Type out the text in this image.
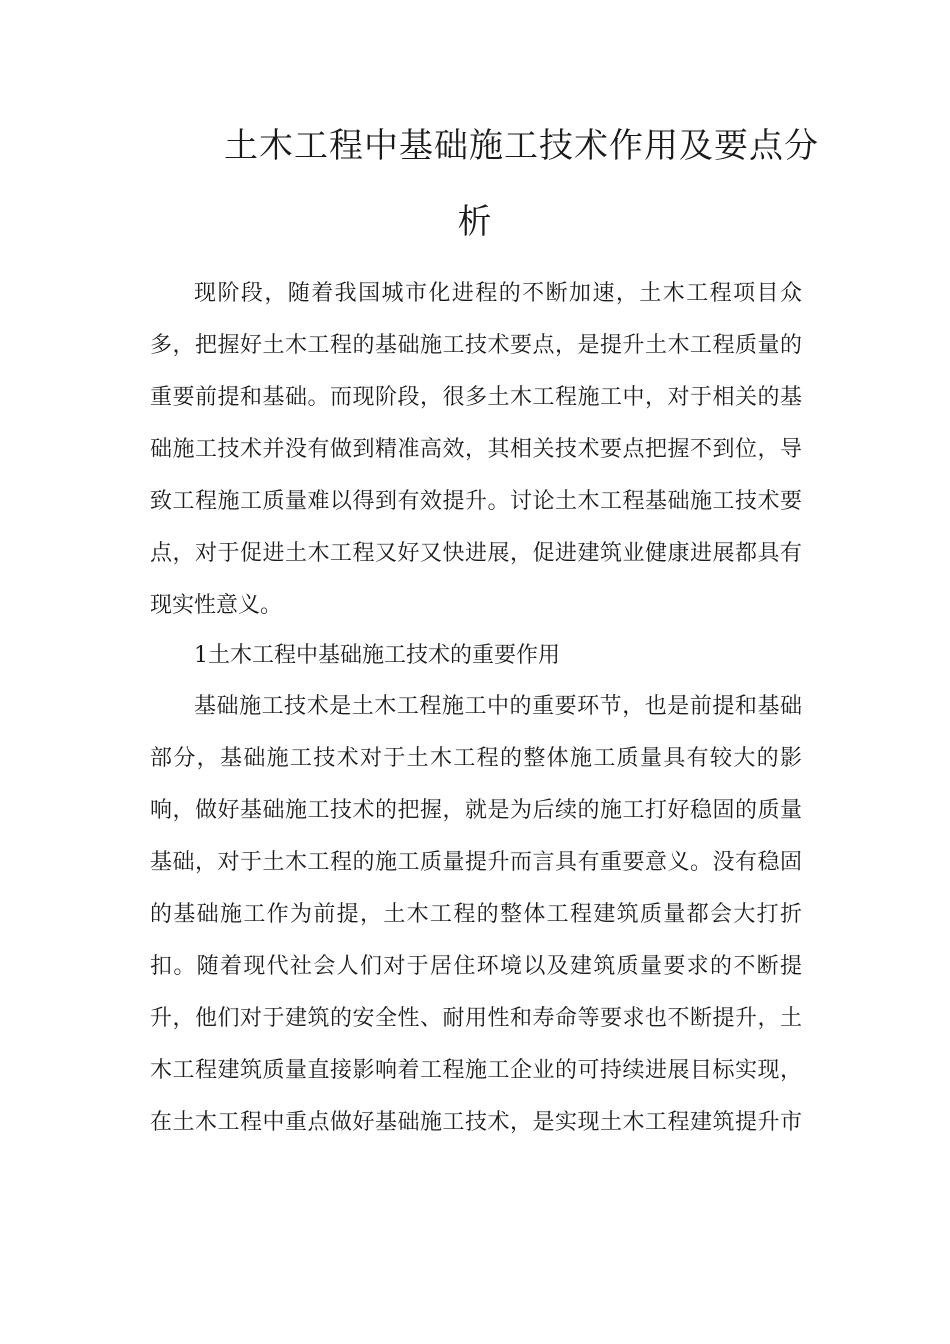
土木工程中基础施工技术作用及要点分
析
现阶段，随着我国城市化进程的不断加速，土木工程项目众
多，把握好土木工程的基础施工技术要点，是提升土木工程质量的
重要前提和基础。而现阶段，很多土木工程施工中，对于相关的基
础施工技术并没有做到精准高效，其相关技术要点把握不到位，导
致工程施工质量难以得到有效提升。讨论土木工程基础施工技术要
点，对于促进土木工程又好又快进展，促进建筑业健康进展都具有
现实性意义。
1土木工程中基础施工技术的重要作用
基础施工技术是土木工程施工中的重要环节，也是前提和基础
部分，基础施工技术对于土木工程的整体施工质量具有较大的影
响，做好基础施工技术的把握，就是为后续的施工打好稳固的质量
基础，对于土木工程的施工质量提升而言具有重要意义。没有稳固
的基础施工作为前提，土木工程的整体工程建筑质量都会大打折
扣。随着现代社会人们对于居住环境以及建筑质量要求的不断提
升，他们对于建筑的安全性、耐用性和寿命等要求也不断提升，土
木工程建筑质量直接影响着工程施工企业的可持续进展目标实现，
在土木工程中重点做好基础施工技术，是实现土木工程建筑提升市
